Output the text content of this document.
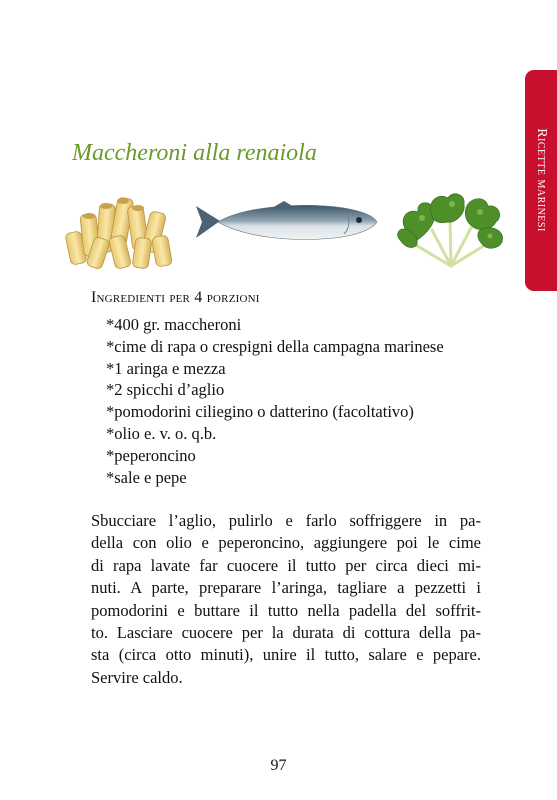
Ricette marinesi
Maccheroni alla renaiola
Ingredienti per 4 porzioni
*400 gr. maccheroni
*cime di rapa o crespigni della campagna marinese
*1 aringa e mezza
*2 spicchi d’aglio
*pomodorini ciliegino o datterino (facoltativo)
*olio e. v. o. q.b.
*peperoncino
*sale e pepe
Sbucciare l’aglio, pulirlo e farlo soffriggere in pa-
della con olio e peperoncino, aggiungere poi le cime
di rapa lavate far cuocere il tutto per circa dieci mi-
nuti. A parte, preparare l’aringa, tagliare a pezzetti i
pomodorini e buttare il tutto nella padella del soffrit-
to. Lasciare cuocere per la durata di cottura della pa-
sta (circa otto minuti), unire il tutto, salare e pepare.
Servire caldo.
97
